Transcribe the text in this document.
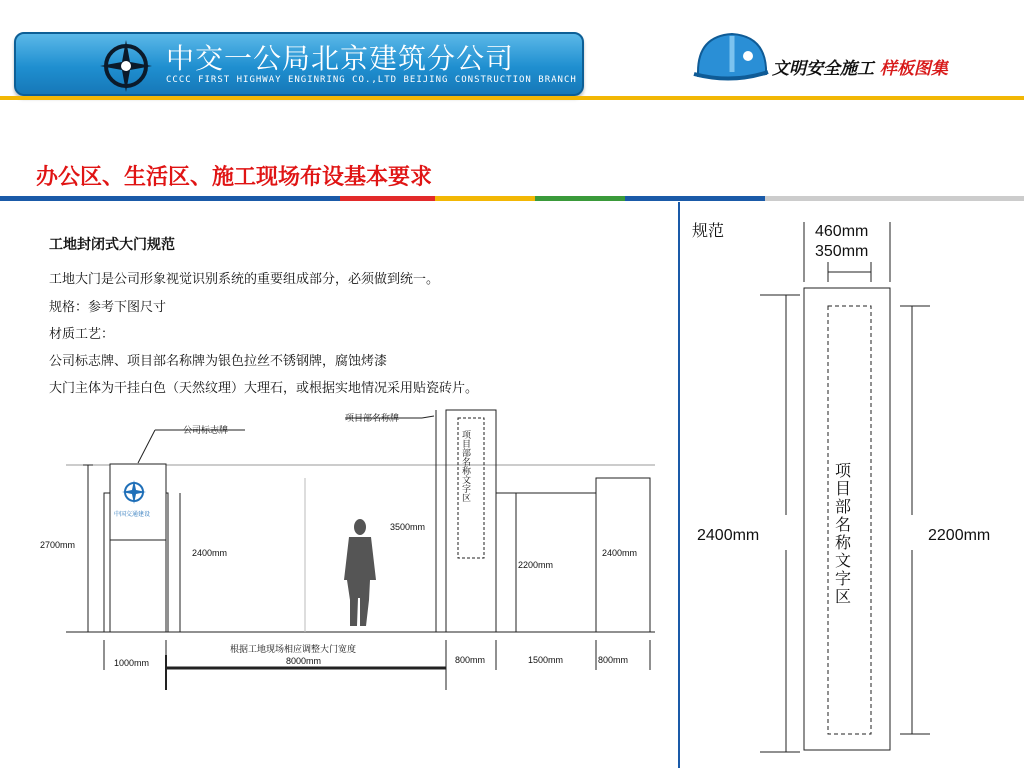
中交一公局北京建筑分公司
CCCC FIRST HIGHWAY ENGINRING CO.,LTD BEIJING CONSTRUCTION BRANCH
文明安全施工 样板图集
办公区、生活区、施工现场布设基本要求
工地封闭式大门规范
工地大门是公司形象视觉识别系统的重要组成部分，必须做到统一。
规格：参考下图尺寸
材质工艺：
公司标志牌、项目部名称牌为银色拉丝不锈钢牌，腐蚀烤漆
大门主体为干挂白色（天然纹理）大理石，或根据实地情况采用贴瓷砖片。
中国交通建设
公司标志牌
项目部名称牌
项目部名称文字区
2700mm
2400mm
3500mm
2200mm
2400mm
1000mm
根据工地现场相应调整大门宽度
8000mm	800mm	1500mm	800mm
规范	460mm
350mm
2400mm	2200mm
项目部名称文字区
